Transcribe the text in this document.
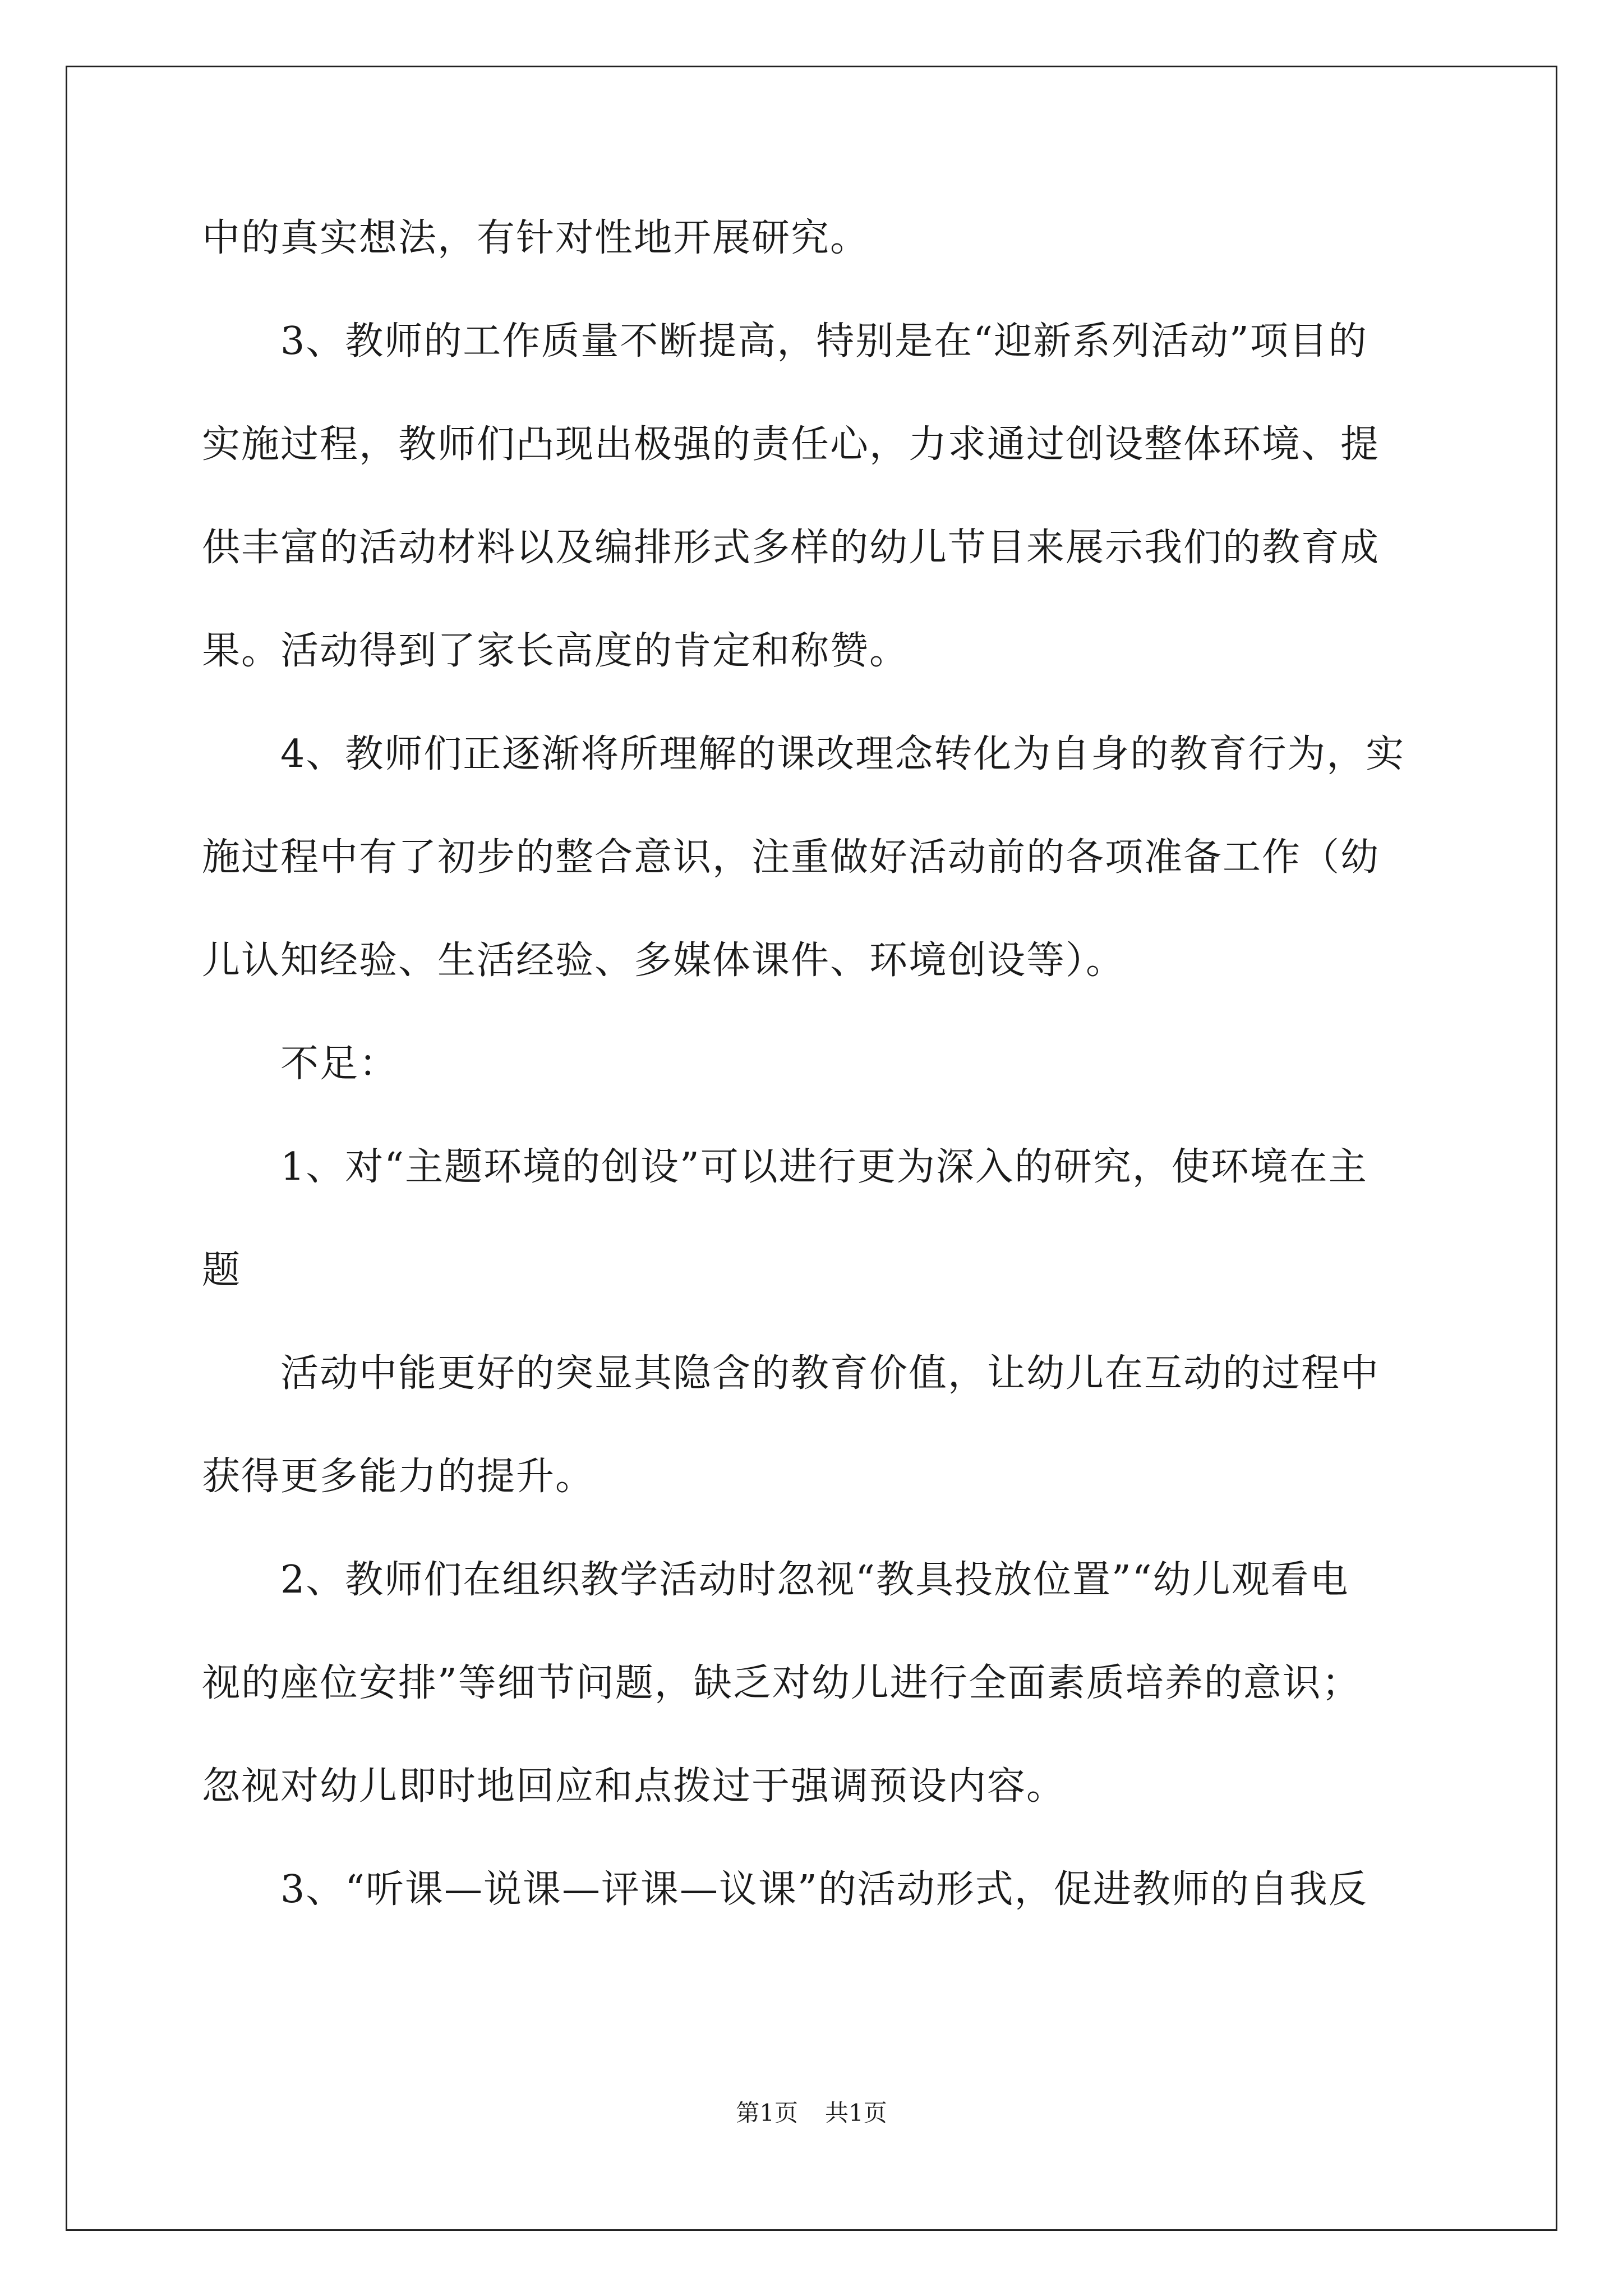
中的真实想法，有针对性地开展研究。

3、教师的工作质量不断提高，特别是在“迎新系列活动”项目的

实施过程，教师们凸现出极强的责任心，力求通过创设整体环境、提

供丰富的活动材料以及编排形式多样的幼儿节目来展示我们的教育成

果。活动得到了家长高度的肯定和称赞。

4、教师们正逐渐将所理解的课改理念转化为自身的教育行为，实

施过程中有了初步的整合意识，注重做好活动前的各项准备工作（幼

儿认知经验、生活经验、多媒体课件、环境创设等）。

不足：

1、对“主题环境的创设”可以进行更为深入的研究，使环境在主

题

活动中能更好的突显其隐含的教育价值，让幼儿在互动的过程中

获得更多能力的提升。

2、教师们在组织教学活动时忽视“教具投放位置”“幼儿观看电

视的座位安排”等细节问题，缺乏对幼儿进行全面素质培养的意识；

忽视对幼儿即时地回应和点拨过于强调预设内容。

3、“听课—说课—评课—议课”的活动形式，促进教师的自我反

第1页 共1页
